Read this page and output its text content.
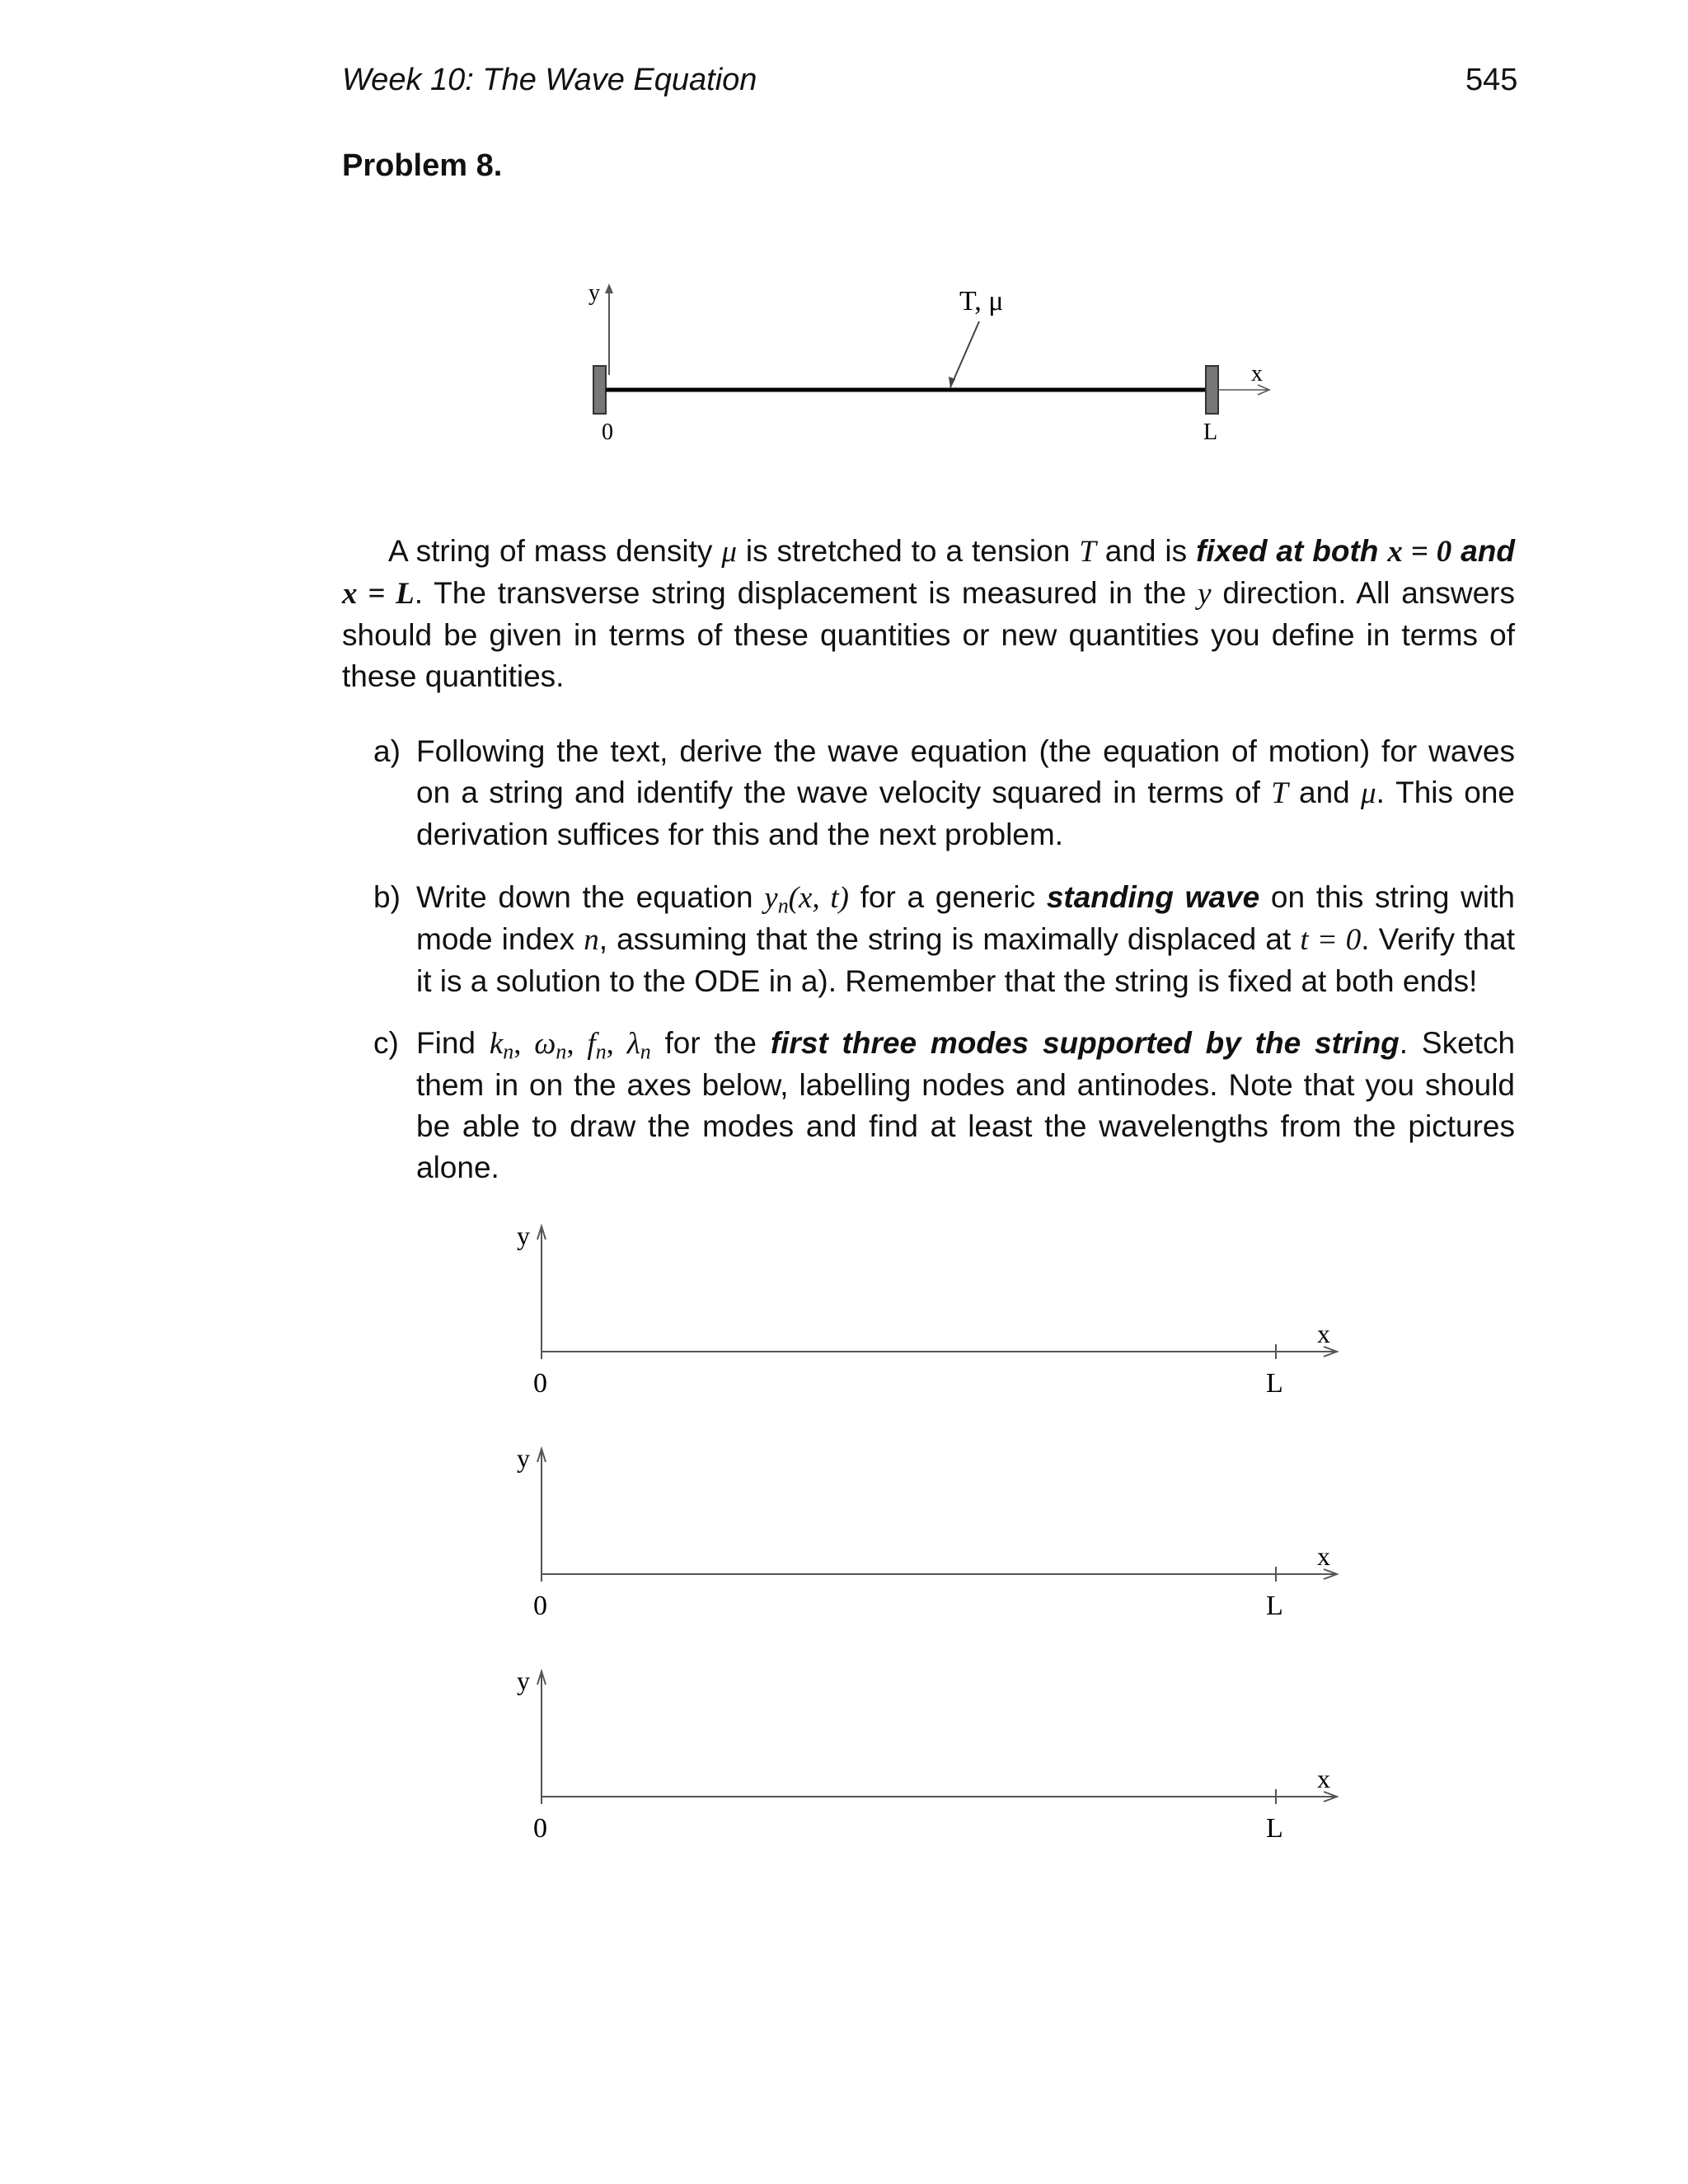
Week 10: The Wave Equation	545
Problem 8.
y
x
T, μ
0	L
A string of mass density μ is stretched to a tension T and is fixed at both x = 0 and x = L. The transverse string displacement is measured in the y direction. All answers should be given in terms of these quantities or new quantities you define in terms of these quantities.
a) Following the text, derive the wave equation (the equation of motion) for waves on a string and identify the wave velocity squared in terms of T and μ. This one derivation suffices for this and the next problem.
b) Write down the equation $y_n(x$, t) for a generic standing wave on this string with mode index n, assuming that the string is maximally displaced at t = 0. Verify that it is a solution to the ODE in a). Remember that the string is fixed at both ends!
c) Find $k_n$, $\omega_n$, $f_n$, $\lambda_n$ for the first three modes supported by the string. Sketch them in on the axes below, labelling nodes and antinodes. Note that you should be able to draw the modes and find at least the wavelengths from the pictures alone.
y
x
0	L
y
x
0	L
y
x
0	L
